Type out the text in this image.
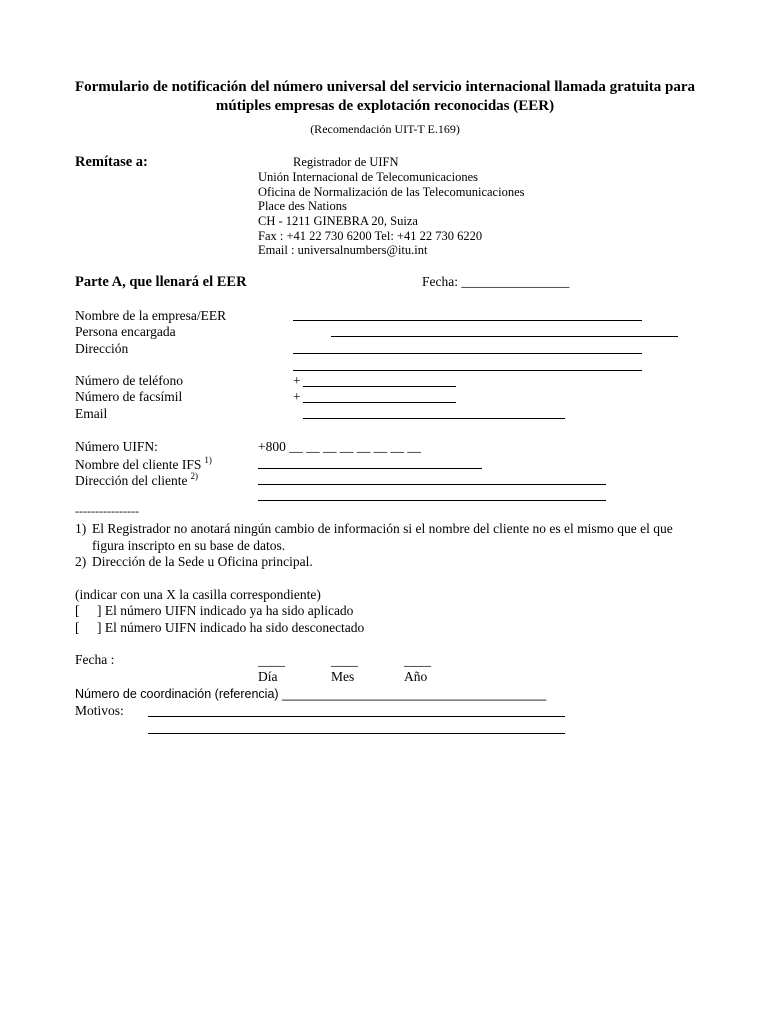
Formulario de notificación del número universal del servicio internacional llamada gratuita para mútiples empresas de explotación reconocidas (EER)
(Recomendación UIT-T E.169)
Remítase a:	Registrador de UIFN
Unión Internacional de Telecomunicaciones
Oficina de Normalización de las Telecomunicaciones
Place des Nations
CH - 1211 GINEBRA 20, Suiza
Fax : +41 22 730 6200 Tel: +41 22 730 6220
Email : universalnumbers@itu.int
Parte A, que llenará el EER	Fecha: ________________
Nombre de la empresa/EER
Persona encargada
Dirección
Número de teléfono	+
Número de facsímil	+
Email
Número UIFN:	+800 __ __ __ __ __ __ __ __
Nombre del cliente IFS $^{1)}$
Dirección del cliente $^{2)}$
----------------
1) El Registrador no anotará ningún cambio de información si el nombre del cliente no es el mismo que el que
figura inscripto en su base de datos.
2) Dirección de la Sede u Oficina principal.
(indicar con una X la casilla correspondiente)
[ ] El número UIFN indicado ya ha sido aplicado
[ ] El número UIFN indicado ha sido desconectado
Fecha :	____	____	____
Día	Mes	Año
Número de coordinación (referencia) ______________________________________
Motivos:
